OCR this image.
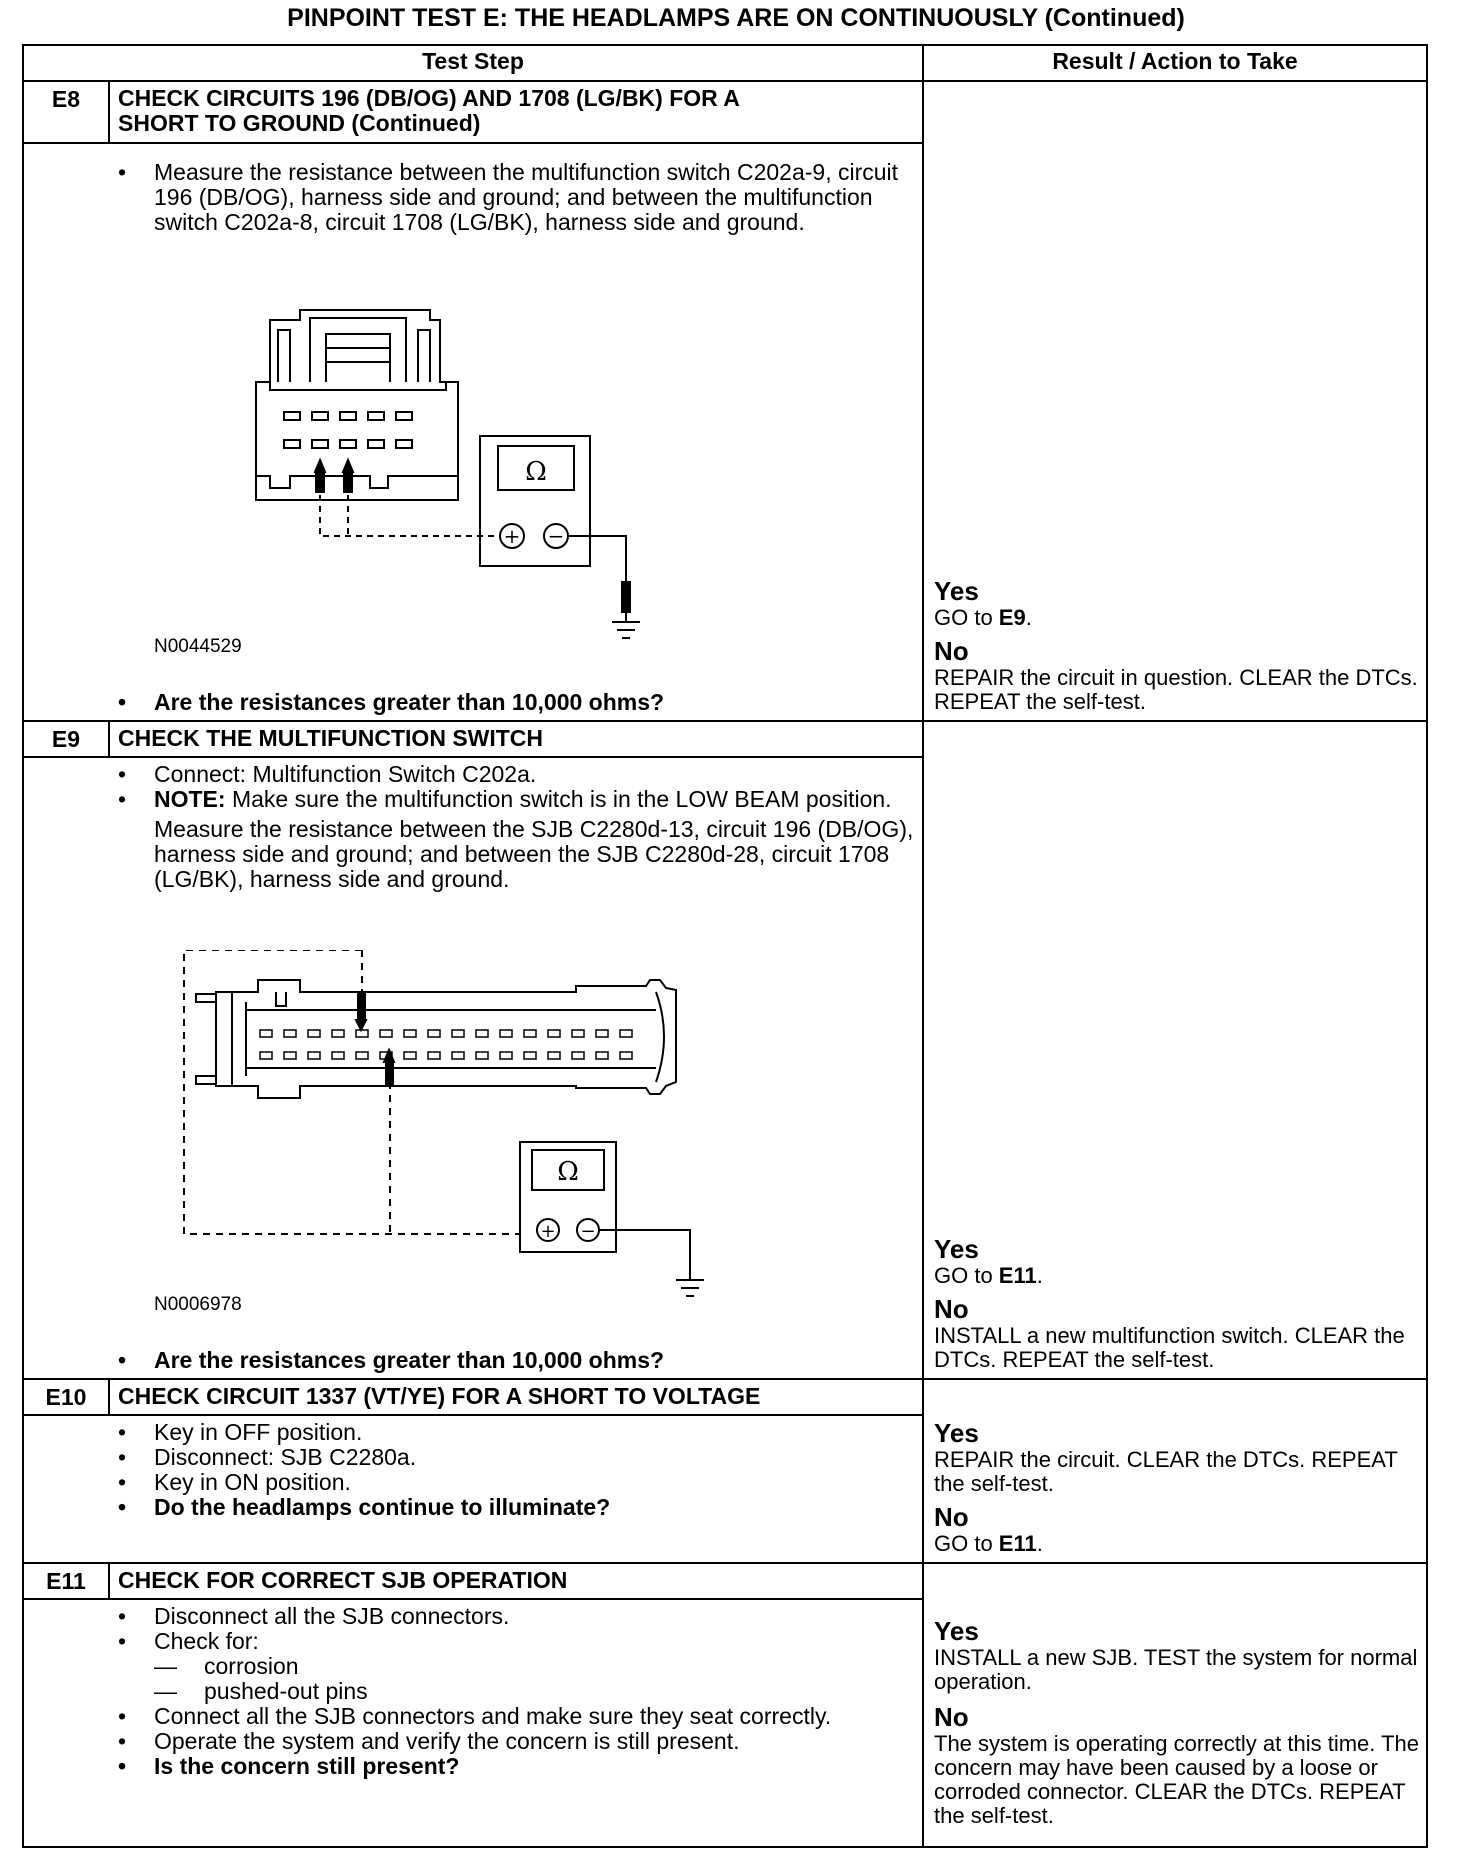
PINPOINT TEST E: THE HEADLAMPS ARE ON CONTINUOUSLY (Continued)
Test Step	Result / Action to Take
E8	CHECK CIRCUITS 196 (DB/OG) AND 1708 (LG/BK) FOR A
SHORT TO GROUND (Continued)
• Measure the resistance between the multifunction switch C202a-9, circuit 196 (DB/OG), harness side and ground; and between the multifunction switch C202a-8, circuit 1708 (LG/BK), harness side and ground.
Ω
+ −
N0044529
• Are the resistances greater than 10,000 ohms?

Yes

GO to E9.

No

REPAIR the circuit in question. CLEAR the DTCs. REPEAT the self-test.

E9	CHECK THE MULTIFUNCTION SWITCH
• Connect: Multifunction Switch C202a.
• NOTE: Make sure the multifunction switch is in the LOW BEAM position.
Measure the resistance between the SJB C2280d-13, circuit 196 (DB/OG), harness side and ground; and between the SJB C2280d-28, circuit 1708 (LG/BK), harness side and ground.
Ω
+ −
N0006978
• Are the resistances greater than 10,000 ohms?

Yes

GO to E11.

No

INSTALL a new multifunction switch. CLEAR the DTCs. REPEAT the self-test.

E10	CHECK CIRCUIT 1337 (VT/YE) FOR A SHORT TO VOLTAGE
• Key in OFF position.
• Disconnect: SJB C2280a.
• Key in ON position.
• Do the headlamps continue to illuminate?

Yes

REPAIR the circuit. CLEAR the DTCs. REPEAT the self-test.

No

GO to E11.

E11	CHECK FOR CORRECT SJB OPERATION
• Disconnect all the SJB connectors.
• Check for:
— corrosion
— pushed-out pins
• Connect all the SJB connectors and make sure they seat correctly.
• Operate the system and verify the concern is still present.
• Is the concern still present?

Yes

INSTALL a new SJB. TEST the system for normal operation.

No

The system is operating correctly at this time. The concern may have been caused by a loose or corroded connector. CLEAR the DTCs. REPEAT the self-test.
